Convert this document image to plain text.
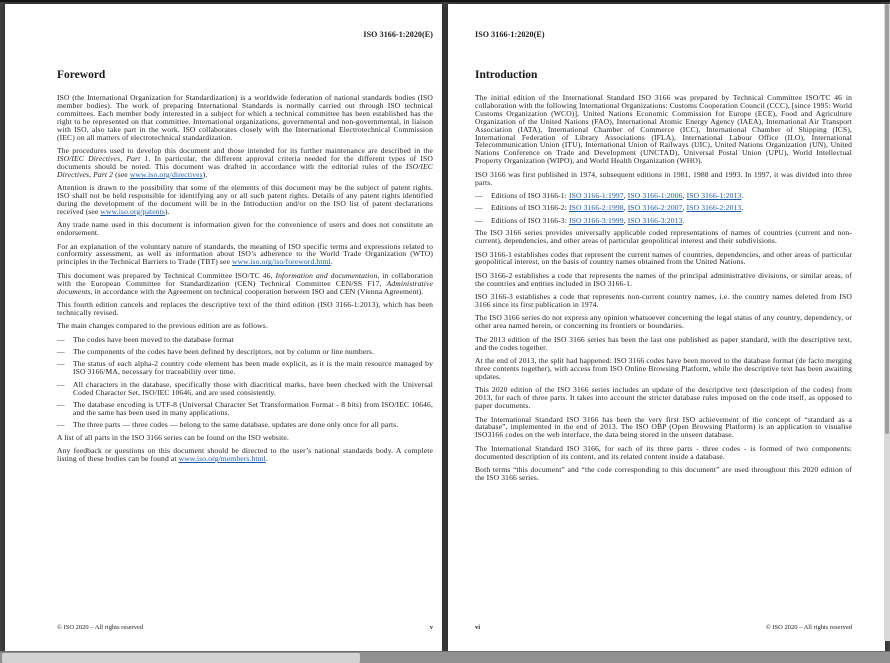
ISO 3166-1:2020(E)
Foreword

ISO (the International Organization for Standardization) is a worldwide federation of national standards bodies (ISO member bodies). The work of preparing International Standards is normally carried out through ISO technical committees. Each member body interested in a subject for which a technical committee has been established has the right to be represented on that committee. International organizations, governmental and non-governmental, in liaison with ISO, also take part in the work. ISO collaborates closely with the International Electrotechnical Commission (IEC) on all matters of electrotechnical standardization.

The procedures used to develop this document and those intended for its further maintenance are described in the ISO/IEC Directives, Part 1. In particular, the different approval criteria needed for the different types of ISO documents should be noted. This document was drafted in accordance with the editorial rules of the ISO/IEC Directives, Part 2 (see www.iso.org/directives).

Attention is drawn to the possibility that some of the elements of this document may be the subject of patent rights. ISO shall not be held responsible for identifying any or all such patent rights. Details of any patent rights identified during the development of the document will be in the Introduction and/or on the ISO list of patent declarations received (see www.iso.org/patents).

Any trade name used in this document is information given for the convenience of users and does not constitute an endorsement.

For an explanation of the voluntary nature of standards, the meaning of ISO specific terms and expressions related to conformity assessment, as well as information about ISO’s adherence to the World Trade Organization (WTO) principles in the Technical Barriers to Trade (TBT) see www.iso.org/iso/foreword.html.

This document was prepared by Technical Committee ISO/TC 46, Information and documentation, in collaboration with the European Committee for Standardization (CEN) Technical Committee CEN/SS F17, Administrative documents, in accordance with the Agreement on technical cooperation between ISO and CEN (Vienna Agreement).

This fourth edition cancels and replaces the descriptive text of the third edition (ISO 3166-1:2013), which has been technically revised.

The main changes compared to the previous edition are as follows.

— The codes have been moved to the database format
— The components of the codes have been defined by descriptors, not by column or line numbers.
— The status of each alpha-2 country code element has been made explicit, as it is the main resource managed by ISO 3166/MA, necessary for traceability over time.
— All characters in the database, specifically those with diacritical marks, have been checked with the Universal Coded Character Set, ISO/IEC 10646, and are used consistently.
— The database encoding is UTF-8 (Universal Character Set Transformation Format - 8 bits) from ISO/IEC 10646, and the same has been used in many applications.
— The three parts — three codes — belong to the same database, updates are done only once for all parts.

A list of all parts in the ISO 3166 series can be found on the ISO website.

Any feedback or questions on this document should be directed to the user’s national standards body. A complete listing of these bodies can be found at www.iso.org/members.html.

© ISO 2020 – All rights reserved	v
ISO 3166-1:2020(E)
Introduction

The initial edition of the International Standard ISO 3166 was prepared by Technical Committee ISO/TC 46 in collaboration with the following International Organizations: Customs Cooperation Council (CCC), [since 1995: World Customs Organization (WCO)], United Nations Economic Commission for Europe (ECE), Food and Agriculture Organization of the United Nations (FAO), International Atomic Energy Agency (IAEA), International Air Transport Association (IATA), International Chamber of Commerce (ICC), International Chamber of Shipping (ICS), International Federation of Library Associations (IFLA), International Labour Office (ILO), International Telecommunication Union (ITU), International Union of Railways (UIC), United Nations Organization (UN), United Nations Conference on Trade and Development (UNCTAD), Universal Postal Union (UPU), World Intellectual Property Organization (WIPO), and World Health Organization (WHO).

ISO 3166 was first published in 1974, subsequent editions in 1981, 1988 and 1993. In 1997, it was divided into three parts.

— Editions of ISO 3166-1: ISO 3166-1:1997, ISO 3166-1:2006, ISO 3166-1:2013.
— Editions of ISO 3166-2: ISO 3166-2:1998, ISO 3166-2:2007, ISO 3166-2:2013.
— Editions of ISO 3166-3: ISO 3166-3:1999, ISO 3166-3:2013.

The ISO 3166 series provides universally applicable coded representations of names of countries (current and non-current), dependencies, and other areas of particular geopolitical interest and their subdivisions.

ISO 3166-1 establishes codes that represent the current names of countries, dependencies, and other areas of particular geopolitical interest, on the basis of country names obtained from the United Nations.

ISO 3166-2 establishes a code that represents the names of the principal administrative divisions, or similar areas, of the countries and entities included in ISO 3166-1.

ISO 3166-3 establishes a code that represents non-current country names, i.e. the country names deleted from ISO 3166 since its first publication in 1974.

The ISO 3166 series do not express any opinion whatsoever concerning the legal status of any country, dependency, or other area named herein, or concerning its frontiers or boundaries.

The 2013 edition of the ISO 3166 series has been the last one published as paper standard, with the descriptive text, and the codes together.

At the end of 2013, the split had happened: ISO 3166 codes have been moved to the database format (de facto merging three contents together), with access from ISO Online Browsing Platform, while the descriptive text has been awaiting updates.

This 2020 edition of the ISO 3166 series includes an update of the descriptive text (description of the codes) from 2013, for each of three parts. It takes into account the stricter database rules imposed on the code itself, as opposed to paper documents.

The International Standard ISO 3166 has been the very first ISO achievement of the concept of “standard as a database”, implemented in the end of 2013. The ISO OBP (Open Browsing Platform) is an application to visualise ISO3166 codes on the web interface, the data being stored in the unseen database.

The International Standard ISO 3166, for each of its three parts - three codes - is formed of two components: documented description of its content, and its related content inside a database.

Both terms “this document” and “the code corresponding to this document” are used throughout this 2020 edition of the ISO 3166 series.

vi	© ISO 2020 – All rights reserved
